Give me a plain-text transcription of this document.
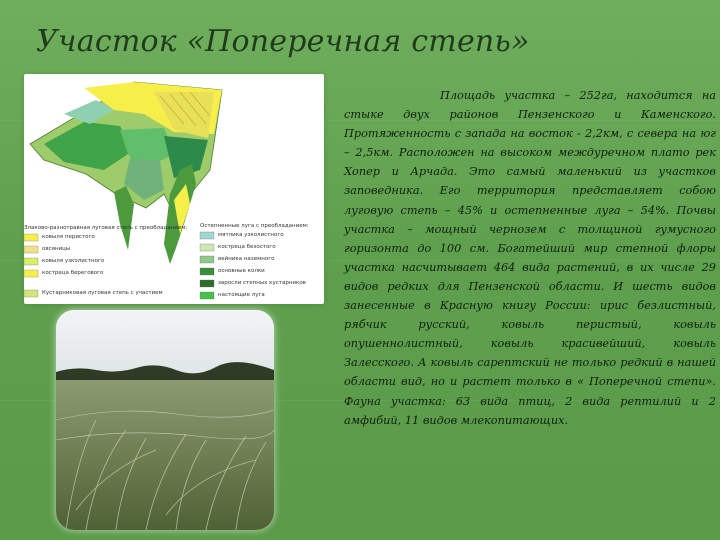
Участок «Поперечная степь»
Злаково-разнотравная луговая степь с преобладанием:
ковыля перистого
овсяницы
ковыля узколистного
костреца берегового
Кустарниковая луговая степь с участием
Остепненные луга с преобладанием:
мятлика узколистного
костреца безостого
вейника наземного
основные колки
заросли степных кустарников
настоящие луга

Площадь участка – 252га, находится на стыке двух районов Пензенского и Каменского. Протяженность с запада на восток - 2,2км, с севера на юг – 2,5км. Расположен на высоком междуречном плато рек Хопер и Арчада. Это самый маленький из участков заповедника. Его территория представляет собою луговую степь – 45% и остепненные луга – 54%. Почвы участка – мощный чернозем с толщиной гумусного горизонта до 100 см. Богатейший мир степной флоры участка насчитывает 464 вида растений, в их числе 29 видов редких для Пензенской области. И шесть видов занесенные в Красную книгу России: ирис безлистный, рябчик русский, ковыль перистый, ковыль опушеннолистный, ковыль красивейший, ковыль Залесского. А ковыль сарептский не только редкий в нашей области вид, но и растет только в « Поперечной степи». Фауна участка: 63 вида птиц, 2 вида рептилий и 2 амфибий, 11 видов млекопитающих.
